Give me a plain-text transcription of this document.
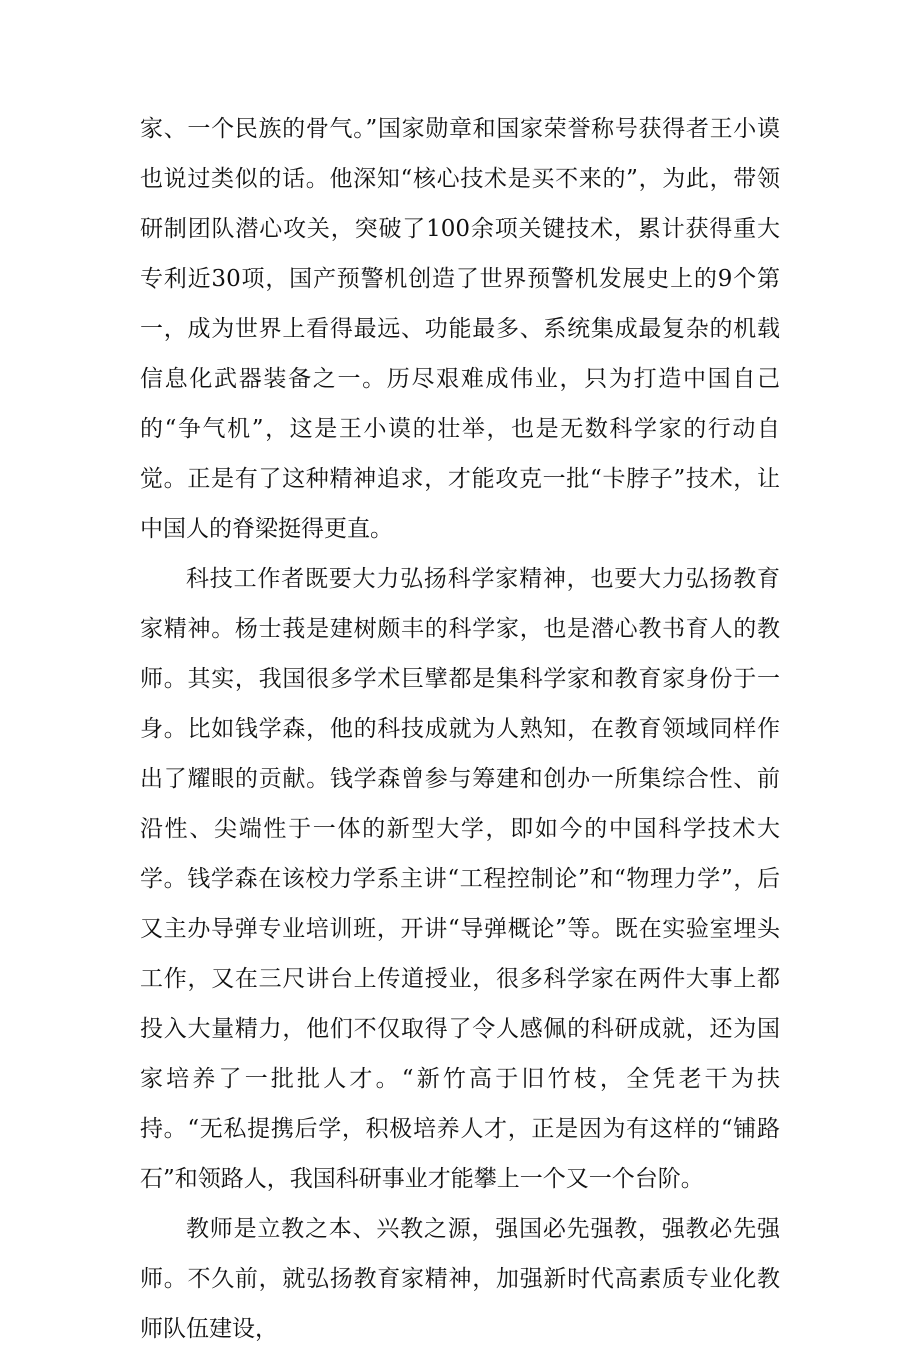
家、一个民族的骨气。”国家勋章和国家荣誉称号获得者王小谟也说过类似的话。他深知“核心技术是买不来的”，为此，带领研制团队潜心攻关，突破了100余项关键技术，累计获得重大专利近30项，国产预警机创造了世界预警机发展史上的9个第一，成为世界上看得最远、功能最多、系统集成最复杂的机载信息化武器装备之一。历尽艰难成伟业，只为打造中国自己的“争气机”，这是王小谟的壮举，也是无数科学家的行动自觉。正是有了这种精神追求，才能攻克一批“卡脖子”技术，让中国人的脊梁挺得更直。

科技工作者既要大力弘扬科学家精神，也要大力弘扬教育家精神。杨士莪是建树颇丰的科学家，也是潜心教书育人的教师。其实，我国很多学术巨擘都是集科学家和教育家身份于一身。比如钱学森，他的科技成就为人熟知，在教育领域同样作出了耀眼的贡献。钱学森曾参与筹建和创办一所集综合性、前沿性、尖端性于一体的新型大学，即如今的中国科学技术大学。钱学森在该校力学系主讲“工程控制论”和“物理力学”，后又主办导弹专业培训班，开讲“导弹概论”等。既在实验室埋头工作，又在三尺讲台上传道授业，很多科学家在两件大事上都投入大量精力，他们不仅取得了令人感佩的科研成就，还为国家培养了一批批人才。“新竹高于旧竹枝，全凭老干为扶持。“无私提携后学，积极培养人才，正是因为有这样的“铺路石”和领路人，我国科研事业才能攀上一个又一个台阶。

教师是立教之本、兴教之源，强国必先强教，强教必先强师。不久前，就弘扬教育家精神，加强新时代高素质专业化教师队伍建设，
